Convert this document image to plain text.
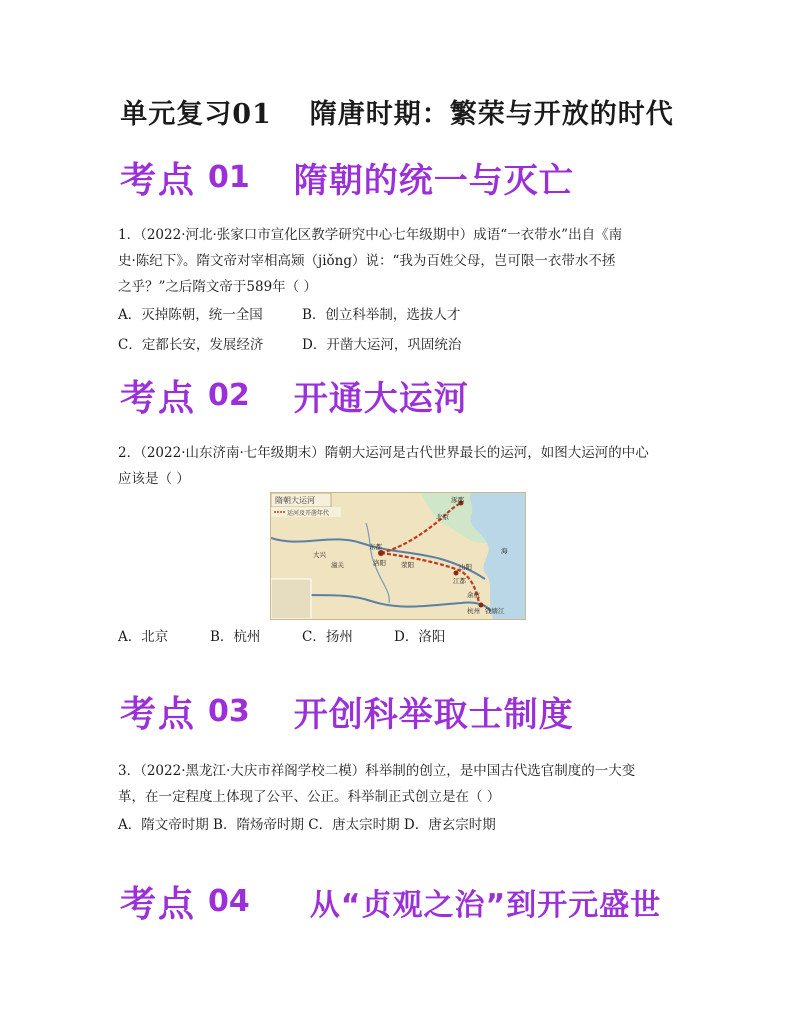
单元复习01 隋唐时期：繁荣与开放的时代
考点 01 隋朝的统一与灭亡
1．（2022·河北·张家口市宣化区教学研究中心七年级期中）成语“一衣带水”出自《南
史·陈纪下》。隋文帝对宰相高颎（jiǒng）说：“我为百姓父母，岂可限一衣带水不拯
之乎？”之后隋文帝于589年（ ）
A．灭掉陈朝，统一全国	B．创立科举制，选拔人才
C．定都长安，发展经济	D．开凿大运河，巩固统治
考点 02 开通大运河
2．（2022·山东济南·七年级期末）隋朝大运河是古代世界最长的运河，如图大运河的中心
应该是（ ）
隋朝大运河
运河及开凿年代
涿郡
北京
大兴
东都
洛阳
潼关	荥阳	山阳
江都
余杭
杭州 钱塘江
海
A．北京	B．杭州	C．扬州	D．洛阳
考点 03 开创科举取士制度
3．（2022·黑龙江·大庆市祥阁学校二模）科举制的创立，是中国古代选官制度的一大变
革，在一定程度上体现了公平、公正。科举制正式创立是在（ ）
A．隋文帝时期 B．隋炀帝时期 C．唐太宗时期 D．唐玄宗时期
考点 04 从“贞观之治”到开元盛世
